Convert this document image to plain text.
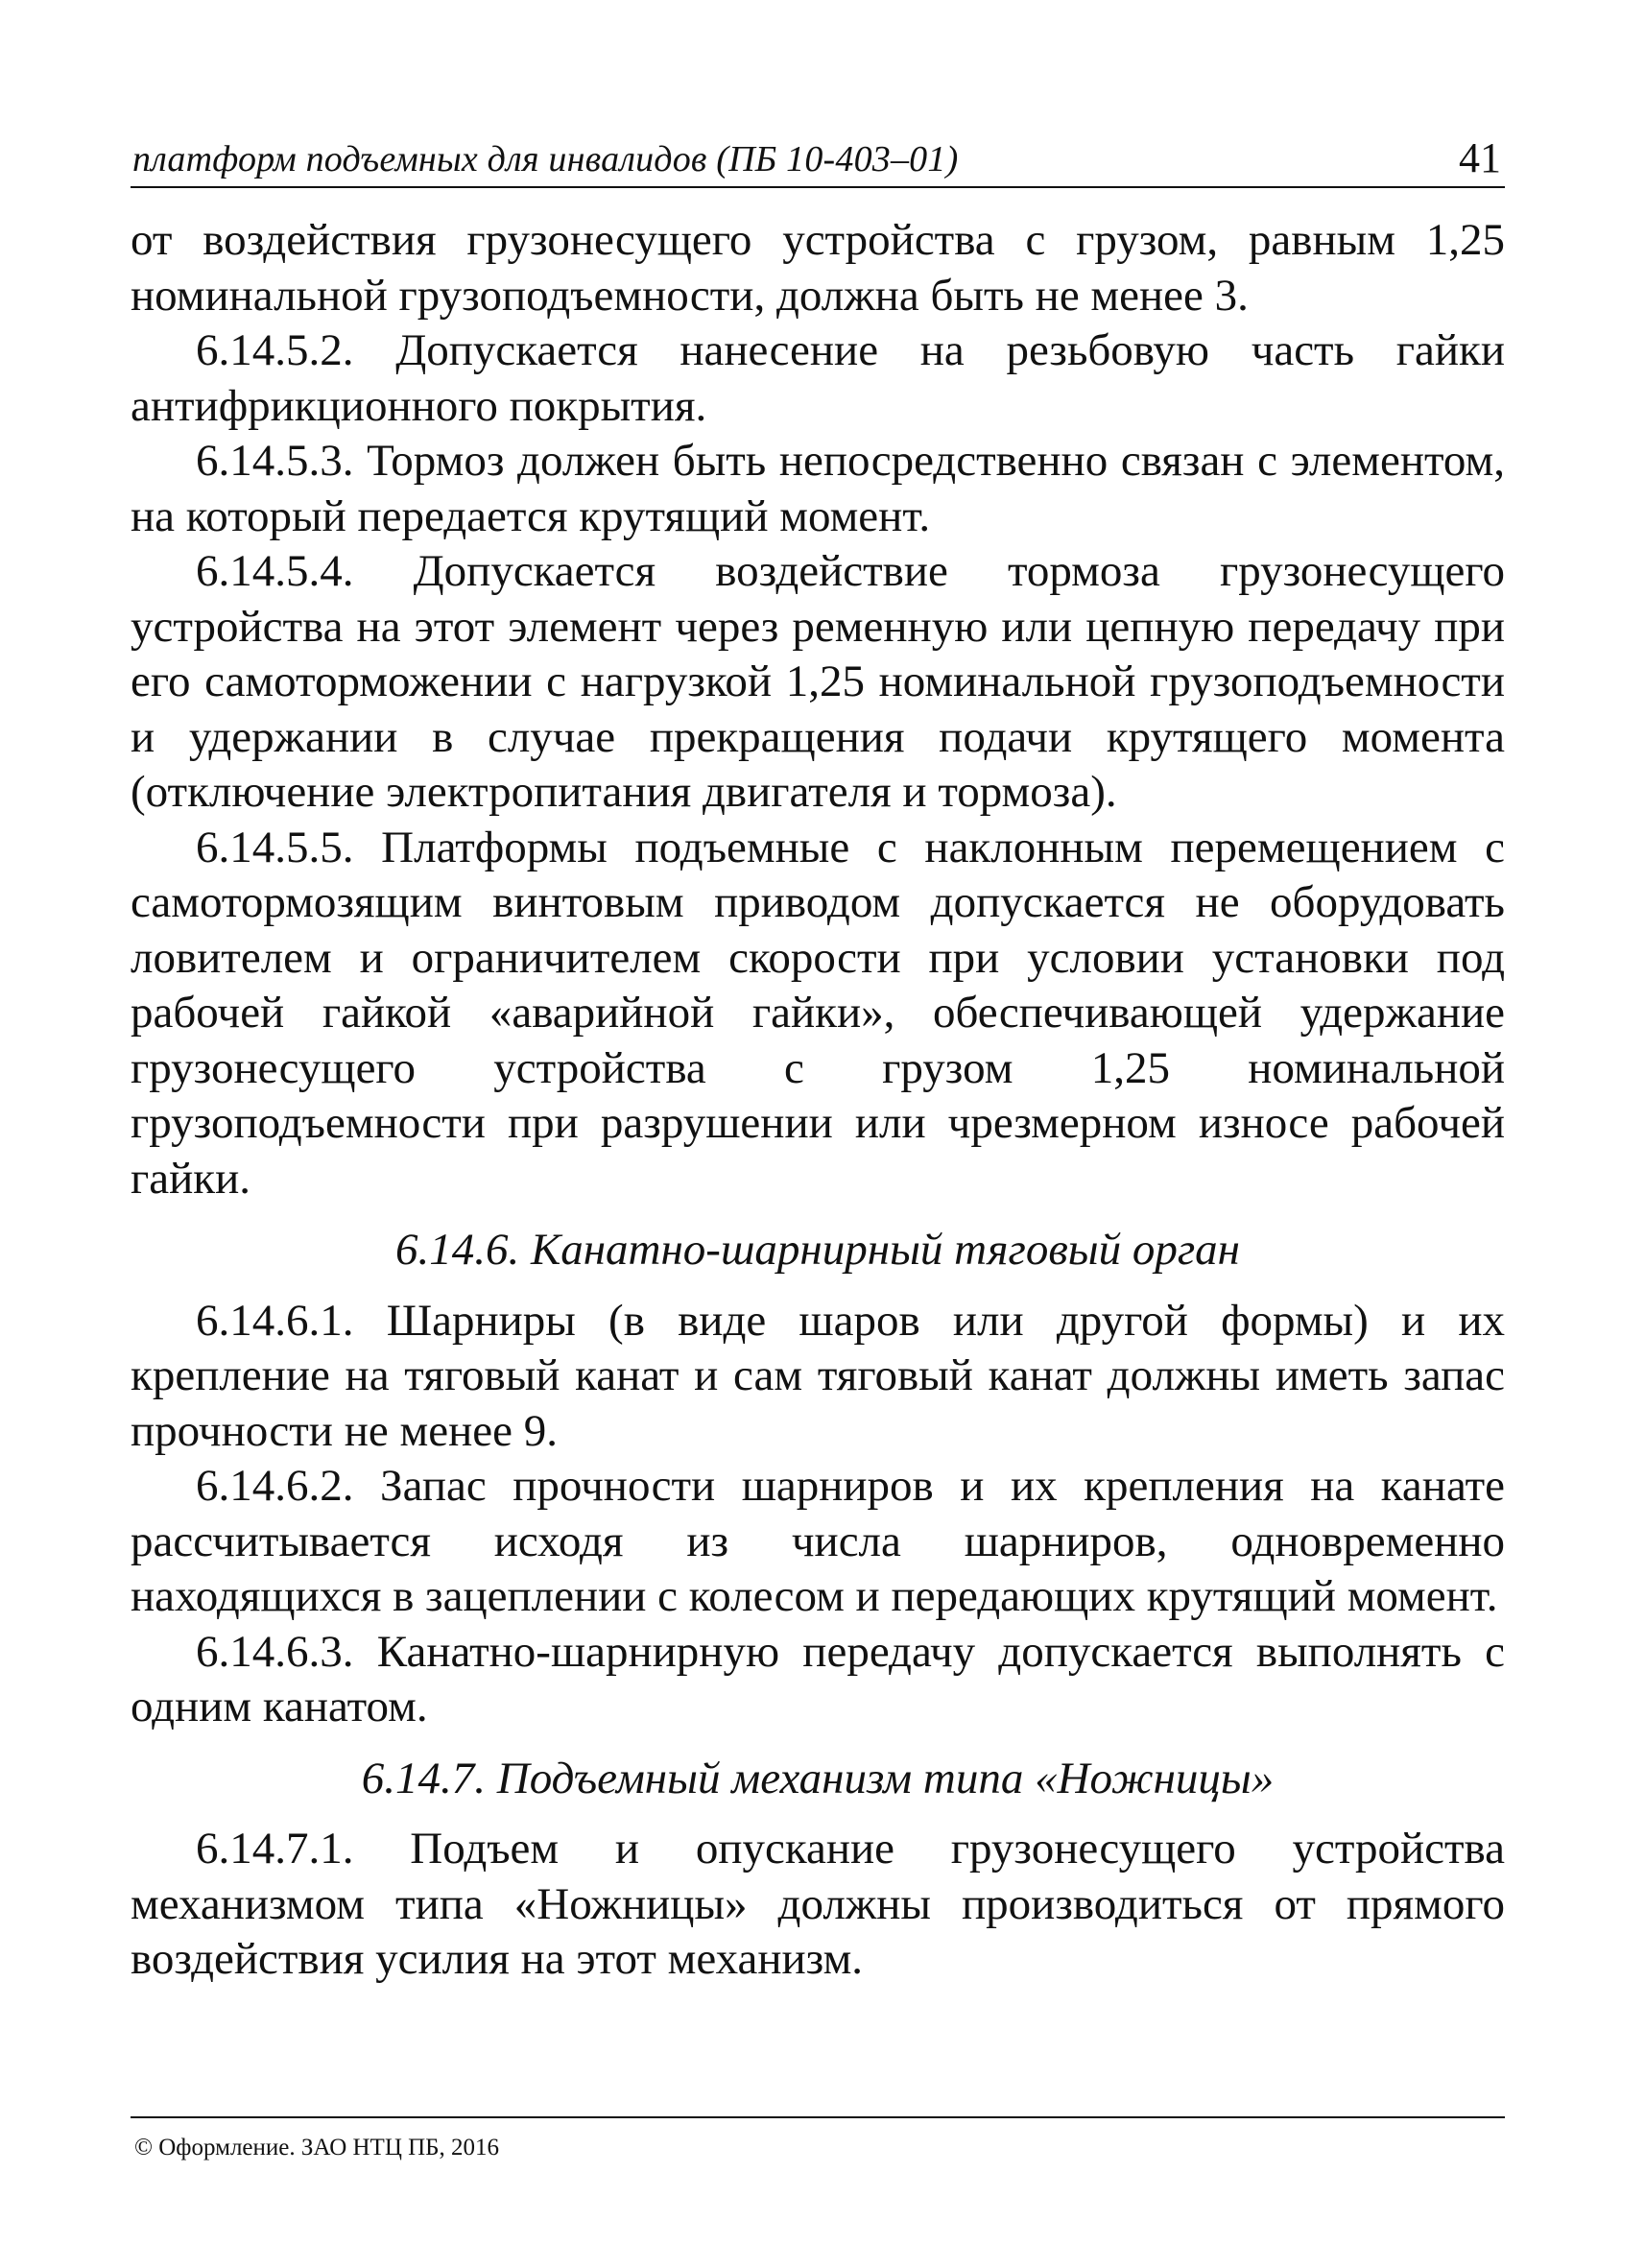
платформ подъемных для инвалидов (ПБ 10-403–01)	41

от воздействия грузонесущего устройства с грузом, равным 1,25 номинальной грузоподъемности, должна быть не менее 3.

6.14.5.2. Допускается нанесение на резьбовую часть гайки антифрикционного покрытия.

6.14.5.3. Тормоз должен быть непосредственно связан с элементом, на который передается крутящий момент.

6.14.5.4. Допускается воздействие тормоза грузонесущего устройства на этот элемент через ременную или цепную передачу при его самоторможении с нагрузкой 1,25 номинальной грузоподъемности и удержании в случае прекращения подачи крутящего момента (отключение электропитания двигателя и тормоза).

6.14.5.5. Платформы подъемные с наклонным перемещением с самотормозящим винтовым приводом допускается не оборудовать ловителем и ограничителем скорости при условии установки под рабочей гайкой «аварийной гайки», обеспечивающей удержание грузонесущего устройства с грузом 1,25 номинальной грузоподъемности при разрушении или чрезмерном износе рабочей гайки.

6.14.6. Канатно-шарнирный тяговый орган

6.14.6.1. Шарниры (в виде шаров или другой формы) и их крепление на тяговый канат и сам тяговый канат должны иметь запас прочности не менее 9.

6.14.6.2. Запас прочности шарниров и их крепления на канате рассчитывается исходя из числа шарниров, одновременно находящихся в зацеплении с колесом и передающих крутящий момент.

6.14.6.3. Канатно-шарнирную передачу допускается выполнять с одним канатом.

6.14.7. Подъемный механизм типа «Ножницы»

6.14.7.1. Подъем и опускание грузонесущего устройства механизмом типа «Ножницы» должны производиться от прямого воздействия усилия на этот механизм.

© Оформление. ЗАО НТЦ ПБ, 2016
